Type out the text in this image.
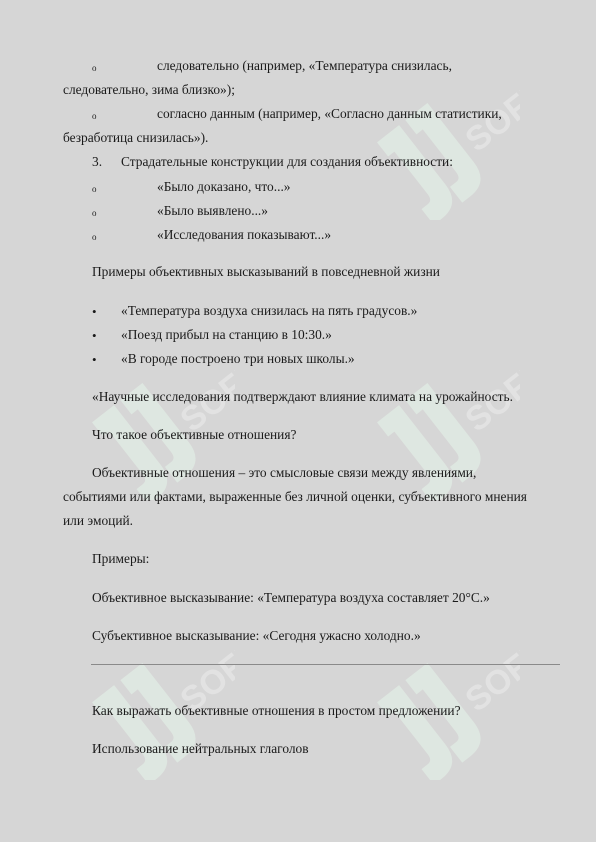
SOFF
SOFF	SOFF
SOFF	SOFF
o	следовательно (например, «Температура снизилась,
следовательно, зима близко»);
o	согласно данным (например, «Согласно данным статистики,
безработица снизилась»).
3. Страдательные конструкции для создания объективности:
o	«Было доказано, что...»
o	«Было выявлено...»
o	«Исследования показывают...»
Примеры объективных высказываний в повседневной жизни
• «Температура воздуха снизилась на пять градусов.»
• «Поезд прибыл на станцию в 10:30.»
• «В городе построено три новых школы.»
«Научные исследования подтверждают влияние климата на урожайность.
Что такое объективные отношения?
Объективные отношения – это смысловые связи между явлениями,
событиями или фактами, выраженные без личной оценки, субъективного мнения
или эмоций.
Примеры:
Объективное высказывание: «Температура воздуха составляет 20°C.»
Субъективное высказывание: «Сегодня ужасно холодно.»
Как выражать объективные отношения в простом предложении?
Использование нейтральных глаголов
